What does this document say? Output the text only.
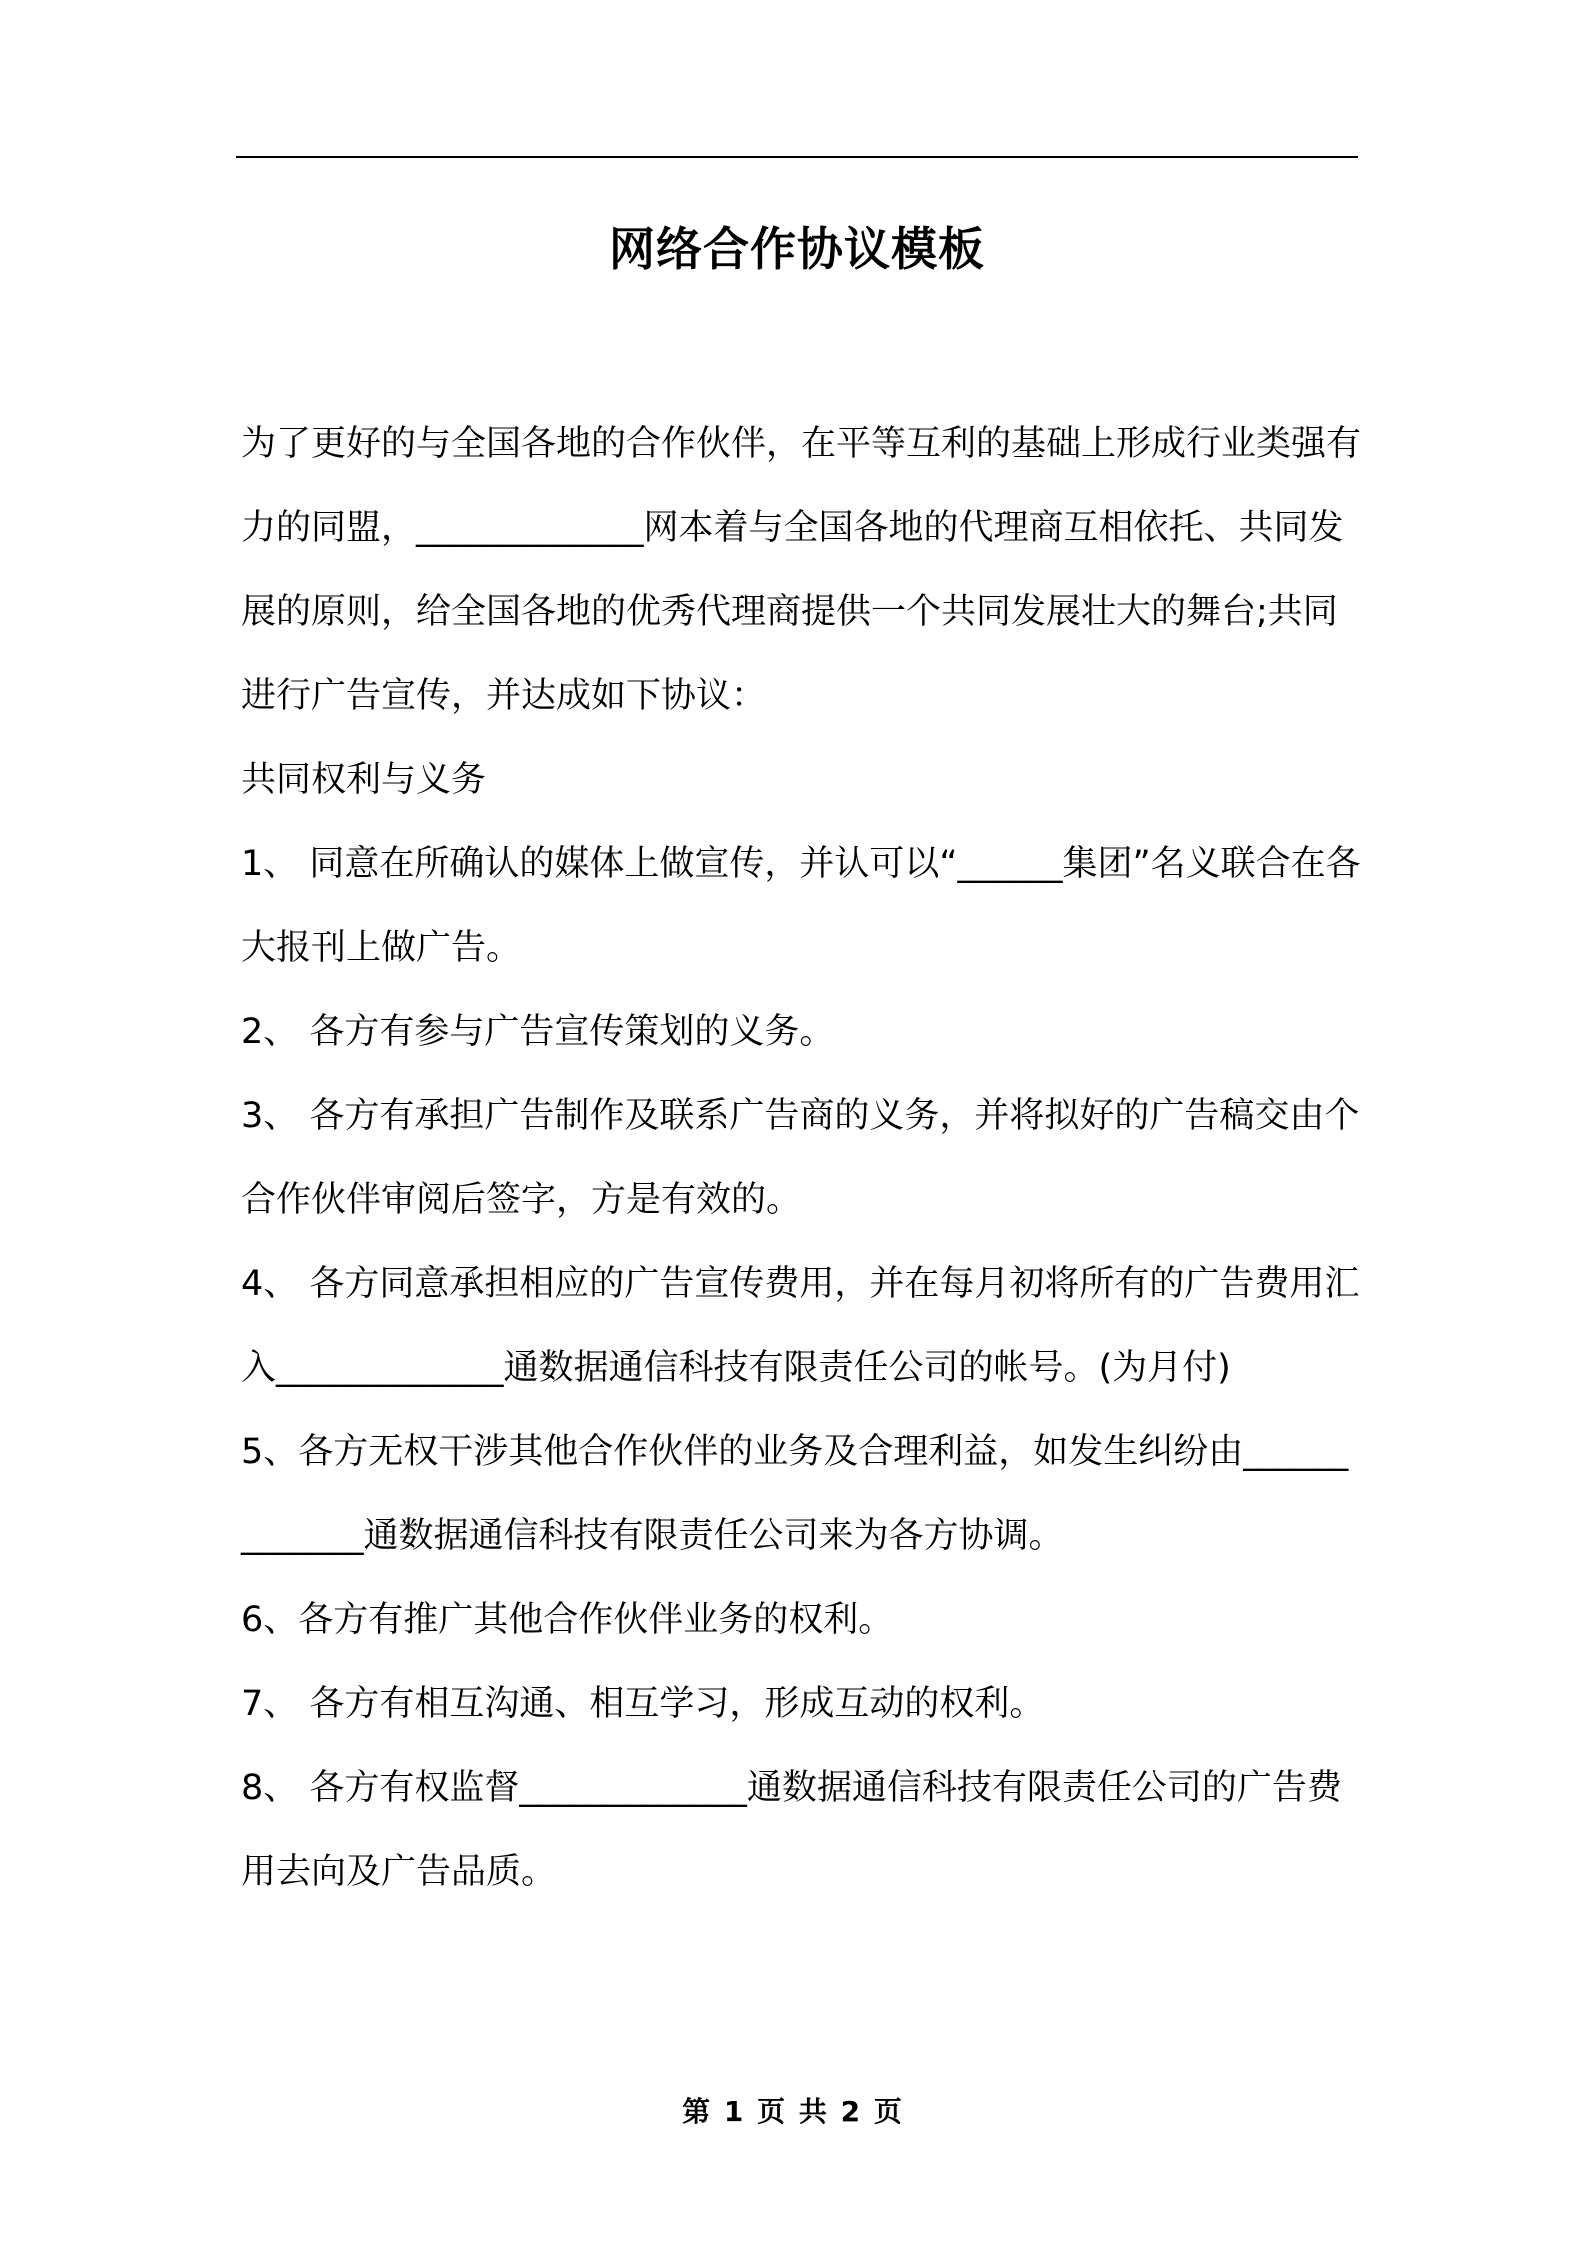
网络合作协议模板

为了更好的与全国各地的合作伙伴，在平等互利的基础上形成行业类强有力的同盟，_____________网本着与全国各地的代理商互相依托、共同发展的原则，给全国各地的优秀代理商提供一个共同发展壮大的舞台;共同进行广告宣传，并达成如下协议：

共同权利与义务

1、 同意在所确认的媒体上做宣传，并认可以“______集团”名义联合在各大报刊上做广告。

2、 各方有参与广告宣传策划的义务。

3、 各方有承担广告制作及联系广告商的义务，并将拟好的广告稿交由个合作伙伴审阅后签字，方是有效的。

4、 各方同意承担相应的广告宣传费用，并在每月初将所有的广告费用汇入_____________通数据通信科技有限责任公司的帐号。(为月付)

5、各方无权干涉其他合作伙伴的业务及合理利益，如发生纠纷由_____________通数据通信科技有限责任公司来为各方协调。

6、各方有推广其他合作伙伴业务的权利。

7、 各方有相互沟通、相互学习，形成互动的权利。

8、 各方有权监督_____________通数据通信科技有限责任公司的广告费用去向及广告品质。

第 1 页 共 2 页
